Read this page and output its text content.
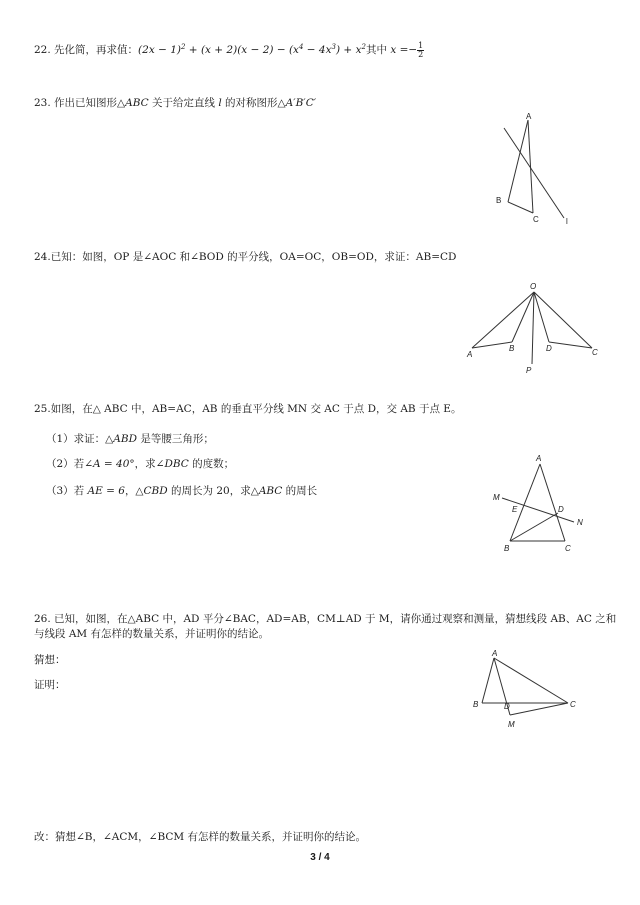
22. 先化简，再求值：$(2x - 1)^2 + (x + 2)(x - 2) - (x^4 - 4x^3) + x^2$其中 $x =- \frac{1}{2}$
23. 作出已知图形△ABC 关于给定直线 l 的对称图形△A′B′C′
A
B
C	l
24.已知：如图，OP 是∠AOC 和∠BOD 的平分线，OA=OC，OB=OD，求证：AB=CD
O
A
B	D	C
P
25.如图，在△ ABC 中，AB=AC，AB 的垂直平分线 MN 交 AC 于点 D，交 AB 于点 E。
（1）求证：△ABD 是等腰三角形；
（2）若∠A = 40°，求∠DBC 的度数；
（3）若 AE = 6，△CBD 的周长为 20，求△ABC 的周长
A
M
E	D
N
B	C
26. 已知，如图，在△ABC 中，AD 平分∠BAC，AD=AB，CM⊥AD 于 M，请你通过观察和测量，猜想线段 AB、AC 之和
与线段 AM 有怎样的数量关系，并证明你的结论。
猜想：
证明：
A
B	D	C
M
改：猜想∠B，∠ACM，∠BCM 有怎样的数量关系，并证明你的结论。
3 / 4
